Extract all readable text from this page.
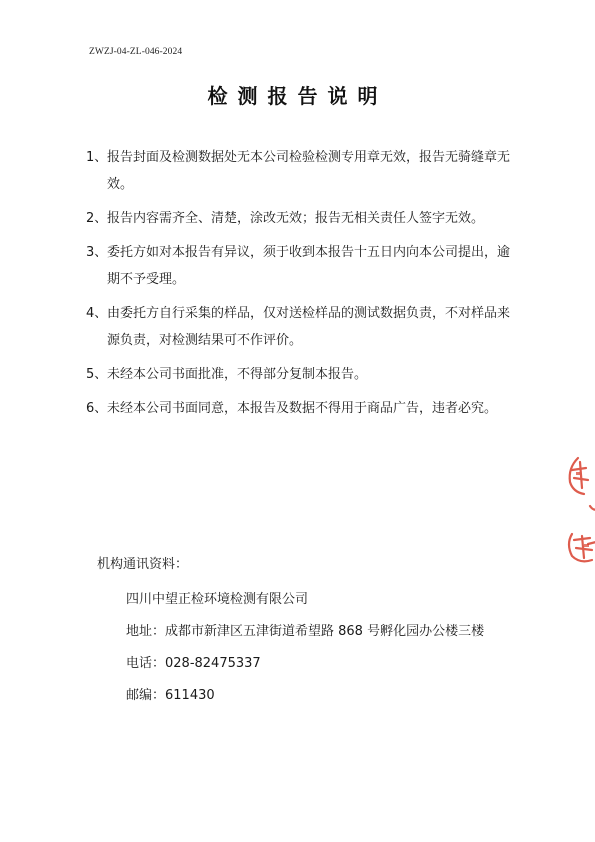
ZWZJ-04-ZL-046-2024
检测报告说明
1、 报告封面及检测数据处无本公司检验检测专用章无效，报告无骑缝章无效。
2、 报告内容需齐全、清楚，涂改无效；报告无相关责任人签字无效。
3、 委托方如对本报告有异议，须于收到本报告十五日内向本公司提出，逾期不予受理。
4、 由委托方自行采集的样品，仅对送检样品的测试数据负责，不对样品来源负责，对检测结果可不作评价。
5、 未经本公司书面批准，不得部分复制本报告。
6、 未经本公司书面同意，本报告及数据不得用于商品广告，违者必究。
机构通讯资料：
四川中望正检环境检测有限公司
地址：成都市新津区五津街道希望路 868 号孵化园办公楼三楼
电话：028-82475337
邮编：611430
